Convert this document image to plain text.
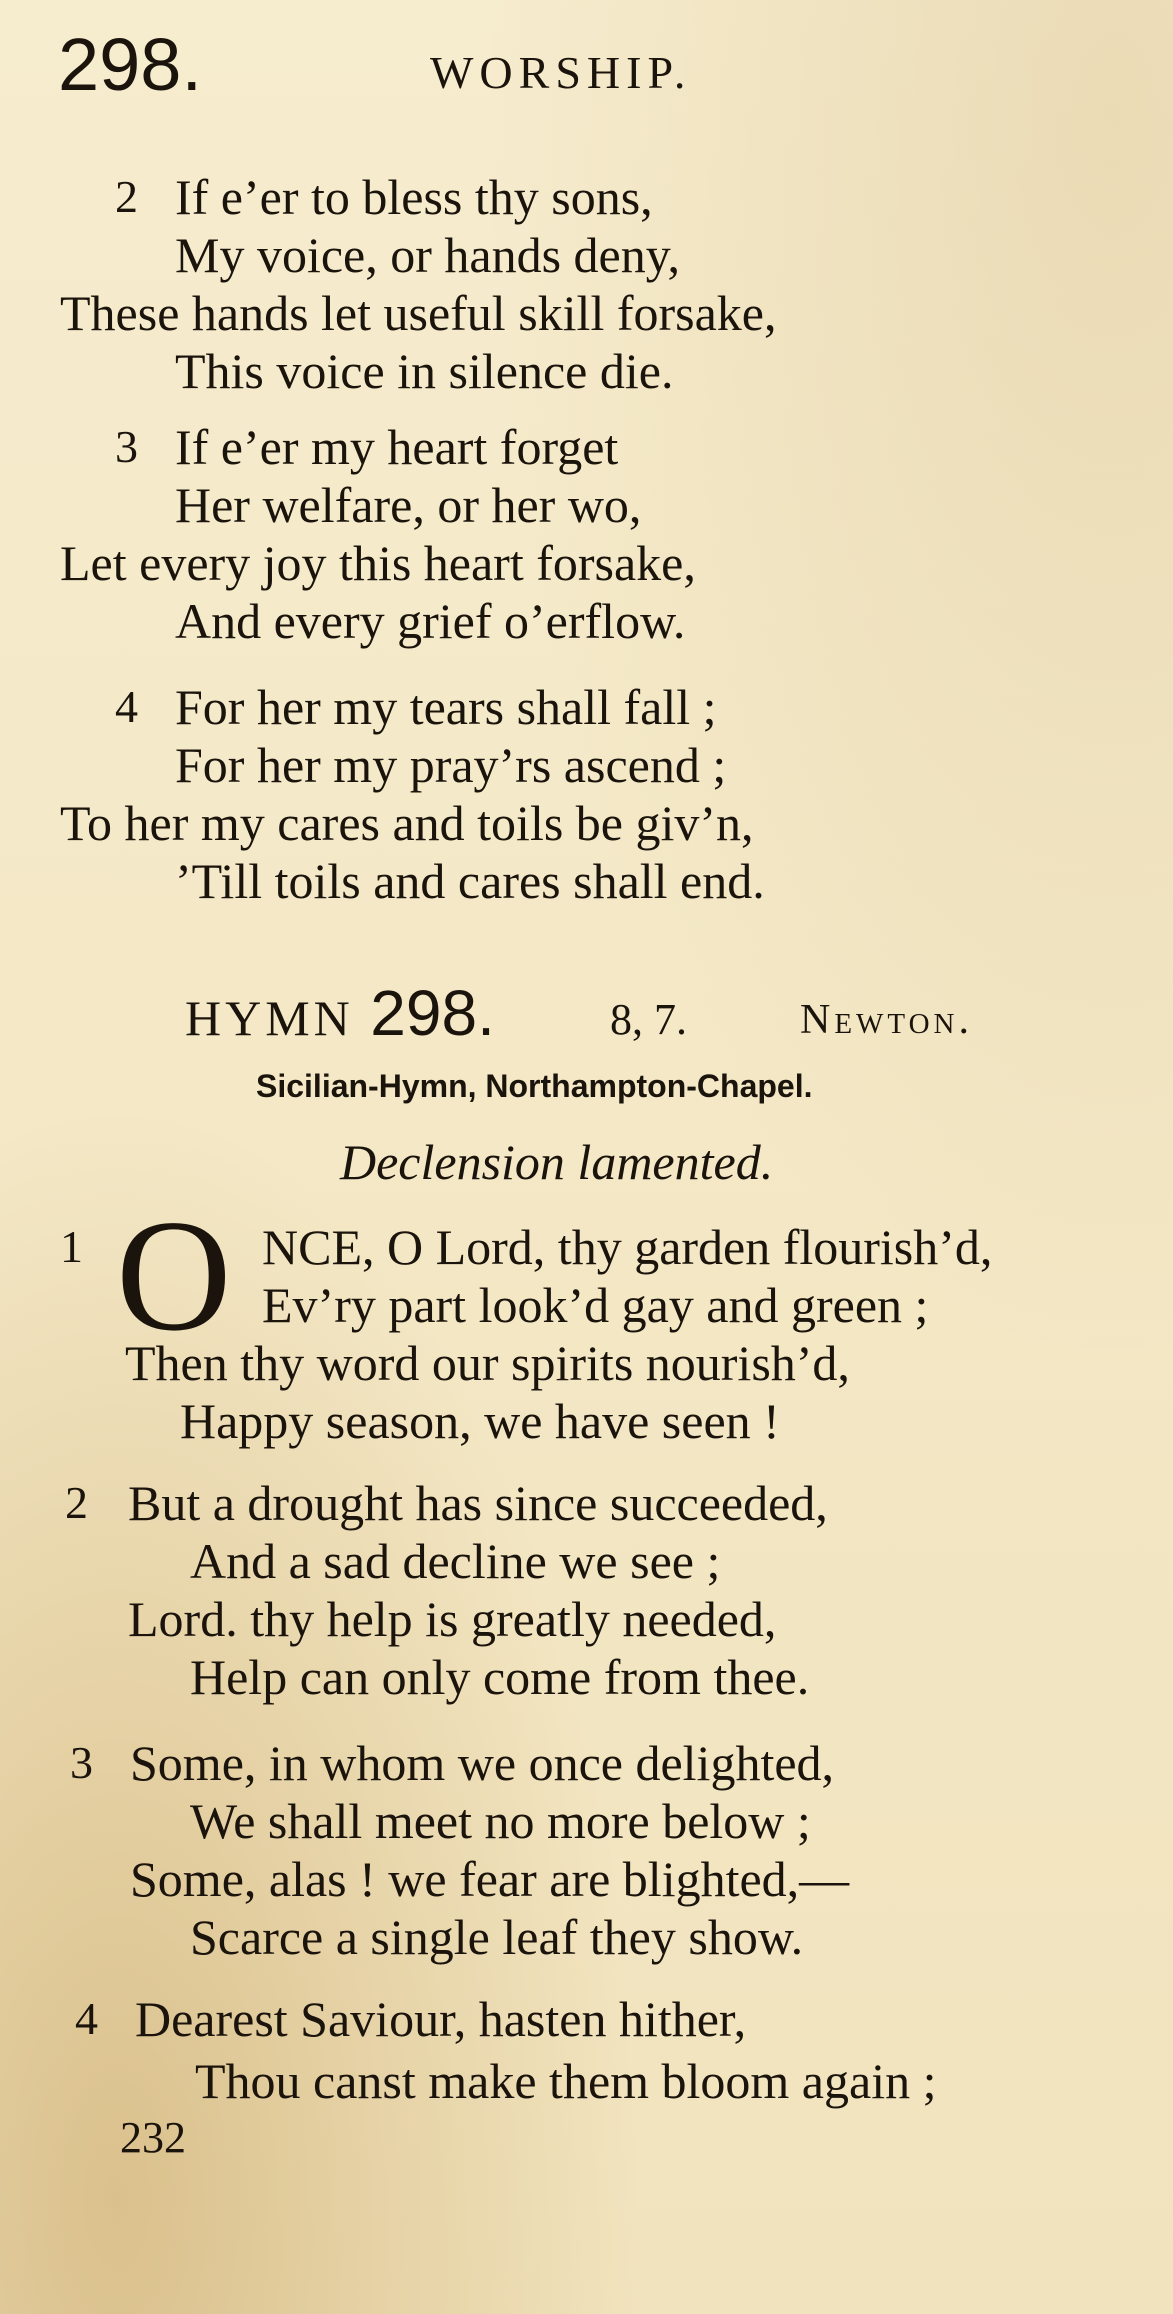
298.	WORSHIP.
2 If e’er to bless thy sons,
My voice, or hands deny,
These hands let useful skill forsake,
This voice in silence die.
3 If e’er my heart forget
Her welfare, or her wo,
Let every joy this heart forsake,
And every grief o’erflow.
4 For her my tears shall fall ;
For her my pray’rs ascend ;
To her my cares and toils be giv’n,
’Till toils and cares shall end.
HYMN 298.	8, 7.	Newton.
Sicilian-Hymn, Northampton-Chapel.
Declension lamented.
1 O NCE, O Lord, thy garden flourish’d,
Ev’ry part look’d gay and green ;
Then thy word our spirits nourish’d,
Happy season, we have seen !
2 But a drought has since succeeded,
And a sad decline we see ;
Lord. thy help is greatly needed,
Help can only come from thee.
3 Some, in whom we once delighted,
We shall meet no more below ;
Some, alas ! we fear are blighted,—
Scarce a single leaf they show.
4 Dearest Saviour, hasten hither,
Thou canst make them bloom again ;
232
